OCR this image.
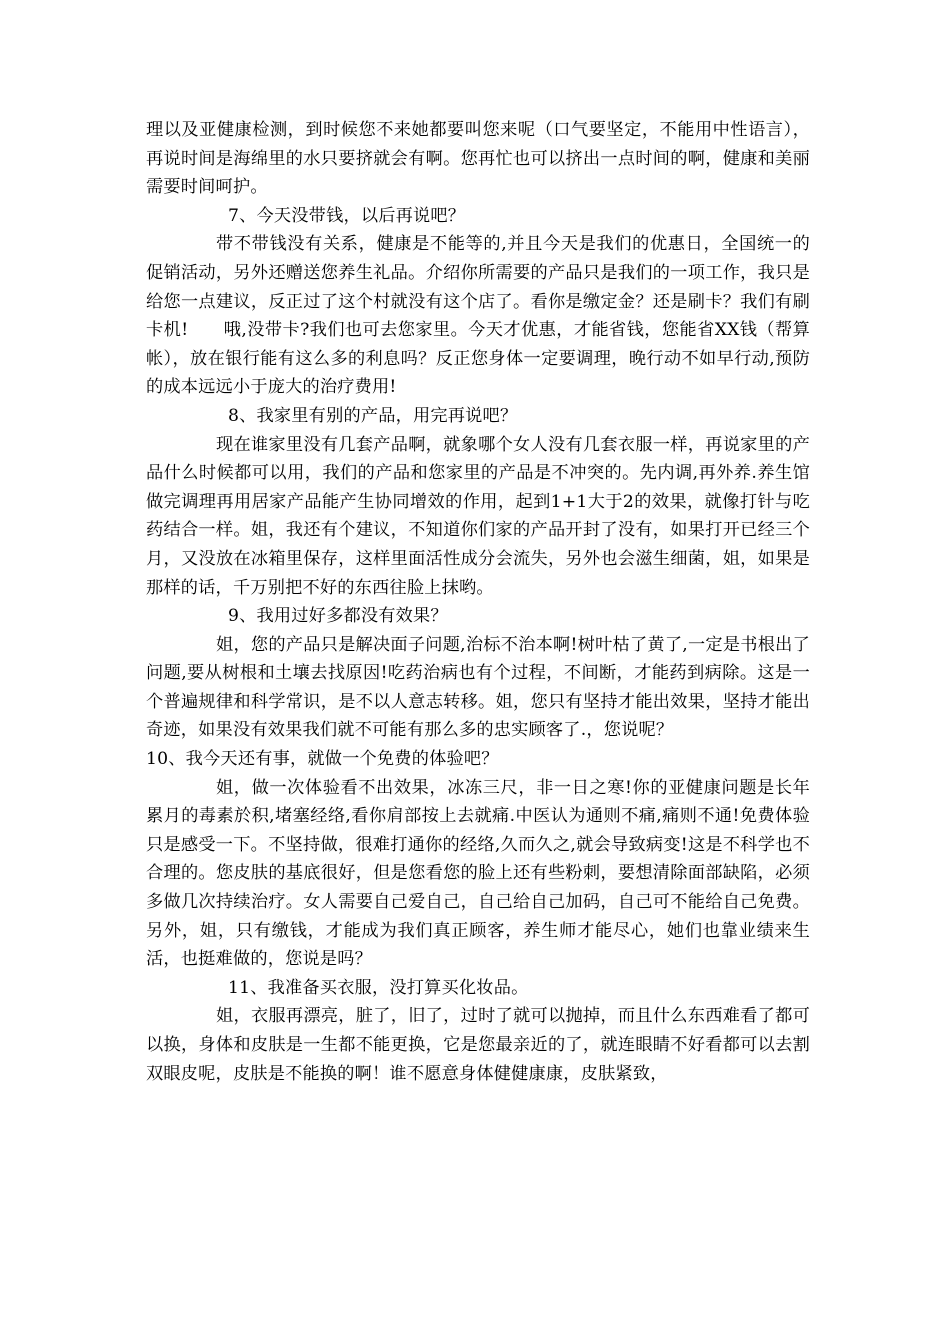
理以及亚健康检测，到时候您不来她都要叫您来呢（口气要坚定，不能用中性语言），再说时间是海绵里的水只要挤就会有啊。您再忙也可以挤出一点时间的啊，健康和美丽需要时间呵护。

7、今天没带钱，以后再说吧？

带不带钱没有关系，健康是不能等的,并且今天是我们的优惠日，全国统一的促销活动，另外还赠送您养生礼品。介绍你所需要的产品只是我们的一项工作，我只是给您一点建议，反正过了这个村就没有这个店了。看你是缴定金？还是刷卡？我们有刷卡机!　　哦,没带卡?我们也可去您家里。今天才优惠，才能省钱，您能省XX钱（帮算帐），放在银行能有这么多的利息吗？反正您身体一定要调理，晚行动不如早行动,预防的成本远远小于庞大的治疗费用!

8、我家里有别的产品，用完再说吧？

现在谁家里没有几套产品啊，就象哪个女人没有几套衣服一样，再说家里的产品什么时候都可以用，我们的产品和您家里的产品是不冲突的。先内调,再外养.养生馆做完调理再用居家产品能产生协同增效的作用，起到1+1大于2的效果，就像打针与吃药结合一样。姐，我还有个建议，不知道你们家的产品开封了没有，如果打开已经三个月，又没放在冰箱里保存，这样里面活性成分会流失，另外也会滋生细菌，姐，如果是那样的话，千万别把不好的东西往脸上抹哟。

9、我用过好多都没有效果？

姐，您的产品只是解决面子问题,治标不治本啊!树叶枯了黄了,一定是书根出了问题,要从树根和土壤去找原因!吃药治病也有个过程，不间断，才能药到病除。这是一个普遍规律和科学常识，是不以人意志转移。姐，您只有坚持才能出效果，坚持才能出奇迹，如果没有效果我们就不可能有那么多的忠实顾客了.，您说呢？

10、我今天还有事，就做一个免费的体验吧？

姐，做一次体验看不出效果，冰冻三尺，非一日之寒!你的亚健康问题是长年累月的毒素於积,堵塞经络,看你肩部按上去就痛.中医认为通则不痛,痛则不通!免费体验只是感受一下。不坚持做，很难打通你的经络,久而久之,就会导致病变!这是不科学也不合理的。您皮肤的基底很好，但是您看您的脸上还有些粉刺，要想清除面部缺陷，必须多做几次持续治疗。女人需要自己爱自己，自己给自己加码，自己可不能给自己免费。另外，姐，只有缴钱，才能成为我们真正顾客，养生师才能尽心，她们也靠业绩来生活，也挺难做的，您说是吗？

11、我准备买衣服，没打算买化妆品。

姐，衣服再漂亮，脏了，旧了，过时了就可以抛掉，而且什么东西难看了都可以换，身体和皮肤是一生都不能更换，它是您最亲近的了，就连眼睛不好看都可以去割双眼皮呢，皮肤是不能换的啊！谁不愿意身体健健康康，皮肤紧致，
